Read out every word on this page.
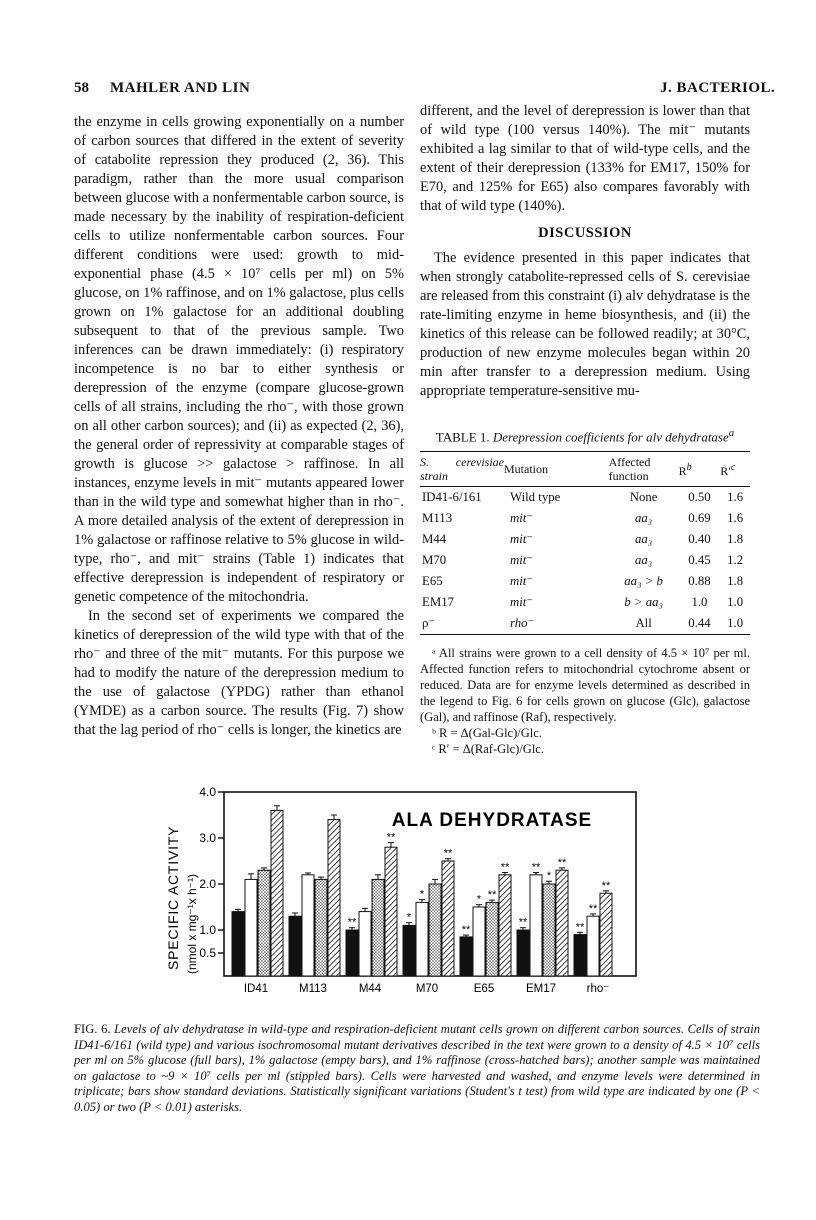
58 MAHLER AND LIN	J. BACTERIOL.

the enzyme in cells growing exponentially on a number of carbon sources that differed in the extent of severity of catabolite repression they produced (2, 36). This paradigm, rather than the more usual comparison between glucose with a nonfermentable carbon source, is made necessary by the inability of respiration-deficient cells to utilize nonfermentable carbon sources. Four different conditions were used: growth to mid-exponential phase (4.5 × 10⁷ cells per ml) on 5% glucose, on 1% raffinose, and on 1% galactose, plus cells grown on 1% galactose for an additional doubling subsequent to that of the previous sample. Two inferences can be drawn immediately: (i) respiratory incompetence is no bar to either synthesis or derepression of the enzyme (compare glucose-grown cells of all strains, including the rho⁻, with those grown on all other carbon sources); and (ii) as expected (2, 36), the general order of repressivity at comparable stages of growth is glucose >> galactose > raffinose. In all instances, enzyme levels in mit⁻ mutants appeared lower than in the wild type and somewhat higher than in rho⁻. A more detailed analysis of the extent of derepression in 1% galactose or raffinose relative to 5% glucose in wild-type, rho⁻, and mit⁻ strains (Table 1) indicates that effective derepression is independent of respiratory or genetic competence of the mitochondria.

In the second set of experiments we compared the kinetics of derepression of the wild type with that of the rho⁻ and three of the mit⁻ mutants. For this purpose we had to modify the nature of the derepression medium to the use of galactose (YPDG) rather than ethanol (YMDE) as a carbon source. The results (Fig. 7) show that the lag period of rho⁻ cells is longer, the kinetics are

different, and the level of derepression is lower than that of wild type (100 versus 140%). The mit⁻ mutants exhibited a lag similar to that of wild-type cells, and the extent of their derepression (133% for EM17, 150% for E70, and 125% for E65) also compares favorably with that of wild type (140%).

DISCUSSION

The evidence presented in this paper indicates that when strongly catabolite-repressed cells of S. cerevisiae are released from this constraint (i) alv dehydratase is the rate-limiting enzyme in heme biosynthesis, and (ii) the kinetics of this release can be followed readily; at 30°C, production of new enzyme molecules began within 20 min after transfer to a derepression medium. Using appropriate temperature-sensitive mu-

TABLE 1. Derepression coefficients for alv dehydratase$^a$
S. cerevisiae strain	Mutation	Affected function	$R^b$	$R'^c$
ID41-6/161	Wild type	None	0.50	1.6
M113	mit⁻	aa₃	0.69	1.6
M44	mit⁻	aa₃	0.40	1.8
M70	mit⁻	aa₃	0.45	1.2
E65	mit⁻	aa₃ > b	0.88	1.8
EM17	mit⁻	b > aa₃	1.0	1.0
ρ⁻	rho⁻	All	0.44	1.0
ᵃ All strains were grown to a cell density of 4.5 × 10⁷ per ml. Affected function refers to mitochondrial cytochrome absent or reduced. Data are for enzyme levels determined as described in the legend to Fig. 6 for cells grown on glucose (Glc), galactose (Gal), and raffinose (Raf), respectively.
ᵇ R = Δ(Gal-Glc)/Glc.
ᶜ R′ = Δ(Raf-Glc)/Glc.
ALA DEHYDRATASE
SPECIFIC ACTIVITY (nmol x mg⁻¹x h⁻¹) 0.5
1.0
2.0
3.0
4.0
**
**
*
*
**
**
* **
**
**
**
*
**
**
**
**
ID41	M113	M44	M70	E65	EM17	rho⁻
FIG. 6. Levels of alv dehydratase in wild-type and respiration-deficient mutant cells grown on different carbon sources. Cells of strain ID41-6/161 (wild type) and various isochromosomal mutant derivatives described in the text were grown to a density of 4.5 × 10⁷ cells per ml on 5% glucose (full bars), 1% galactose (empty bars), and 1% raffinose (cross-hatched bars); another sample was maintained on galactose to ~9 × 10⁷ cells per ml (stippled bars). Cells were harvested and washed, and enzyme levels were determined in triplicate; bars show standard deviations. Statistically significant variations (Student's t test) from wild type are indicated by one (P < 0.05) or two (P < 0.01) asterisks.
